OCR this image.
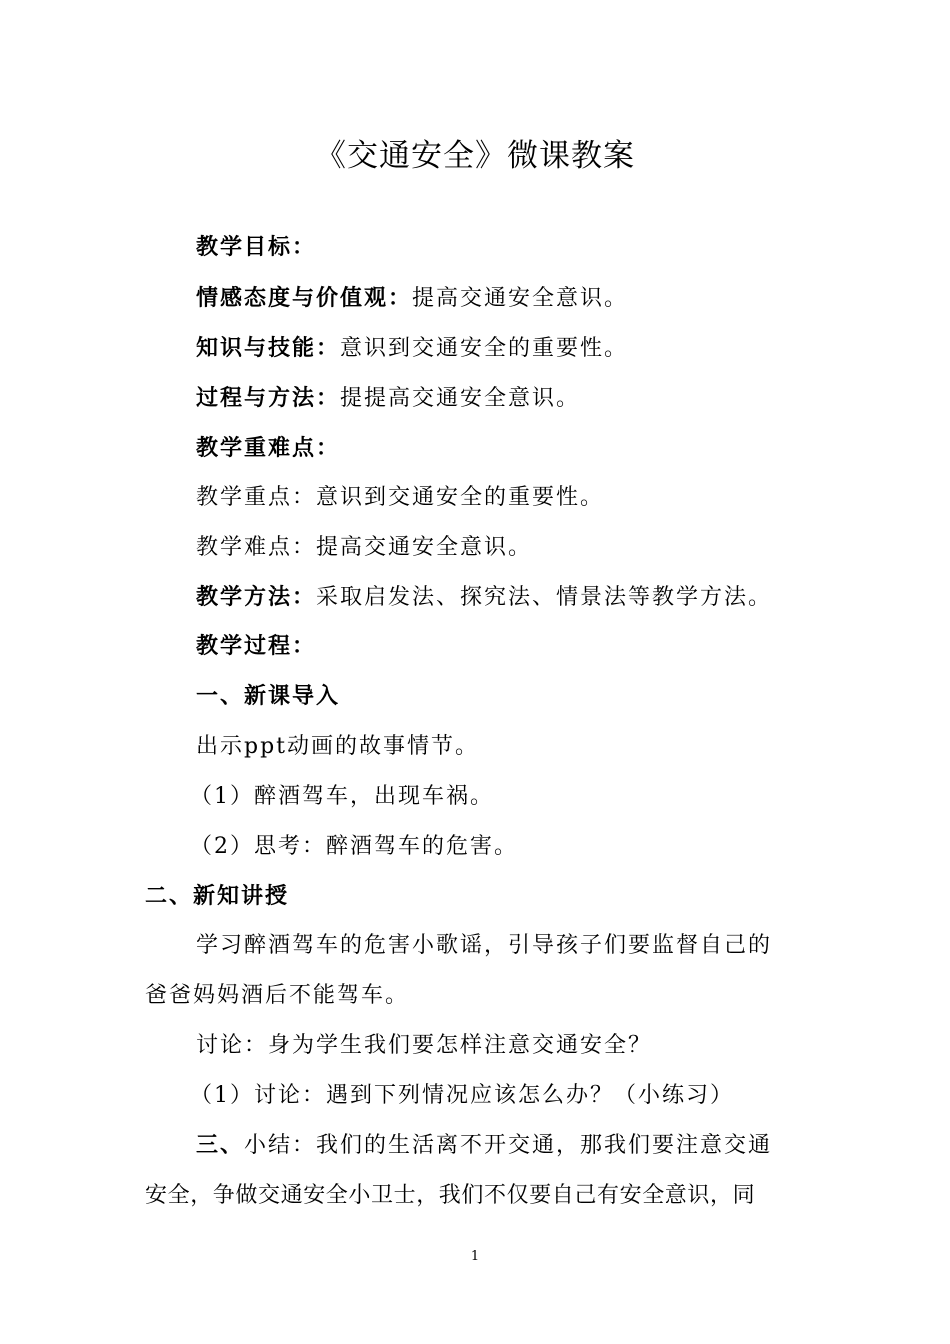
《交通安全》微课教案
教学目标：
情感态度与价值观：提高交通安全意识。
知识与技能：意识到交通安全的重要性。
过程与方法：提提高交通安全意识。
教学重难点：
教学重点：意识到交通安全的重要性。
教学难点：提高交通安全意识。
教学方法：采取启发法、探究法、情景法等教学方法。
教学过程：
一、新课导入
出示ppt动画的故事情节。
（1）醉酒驾车，出现车祸。
（2）思考：醉酒驾车的危害。
二、新知讲授
学习醉酒驾车的危害小歌谣，引导孩子们要监督自己的
爸爸妈妈酒后不能驾车。
讨论：身为学生我们要怎样注意交通安全？
（1）讨论：遇到下列情况应该怎么办？（小练习）
三、小结：我们的生活离不开交通，那我们要注意交通
安全，争做交通安全小卫士，我们不仅要自己有安全意识，同
1
